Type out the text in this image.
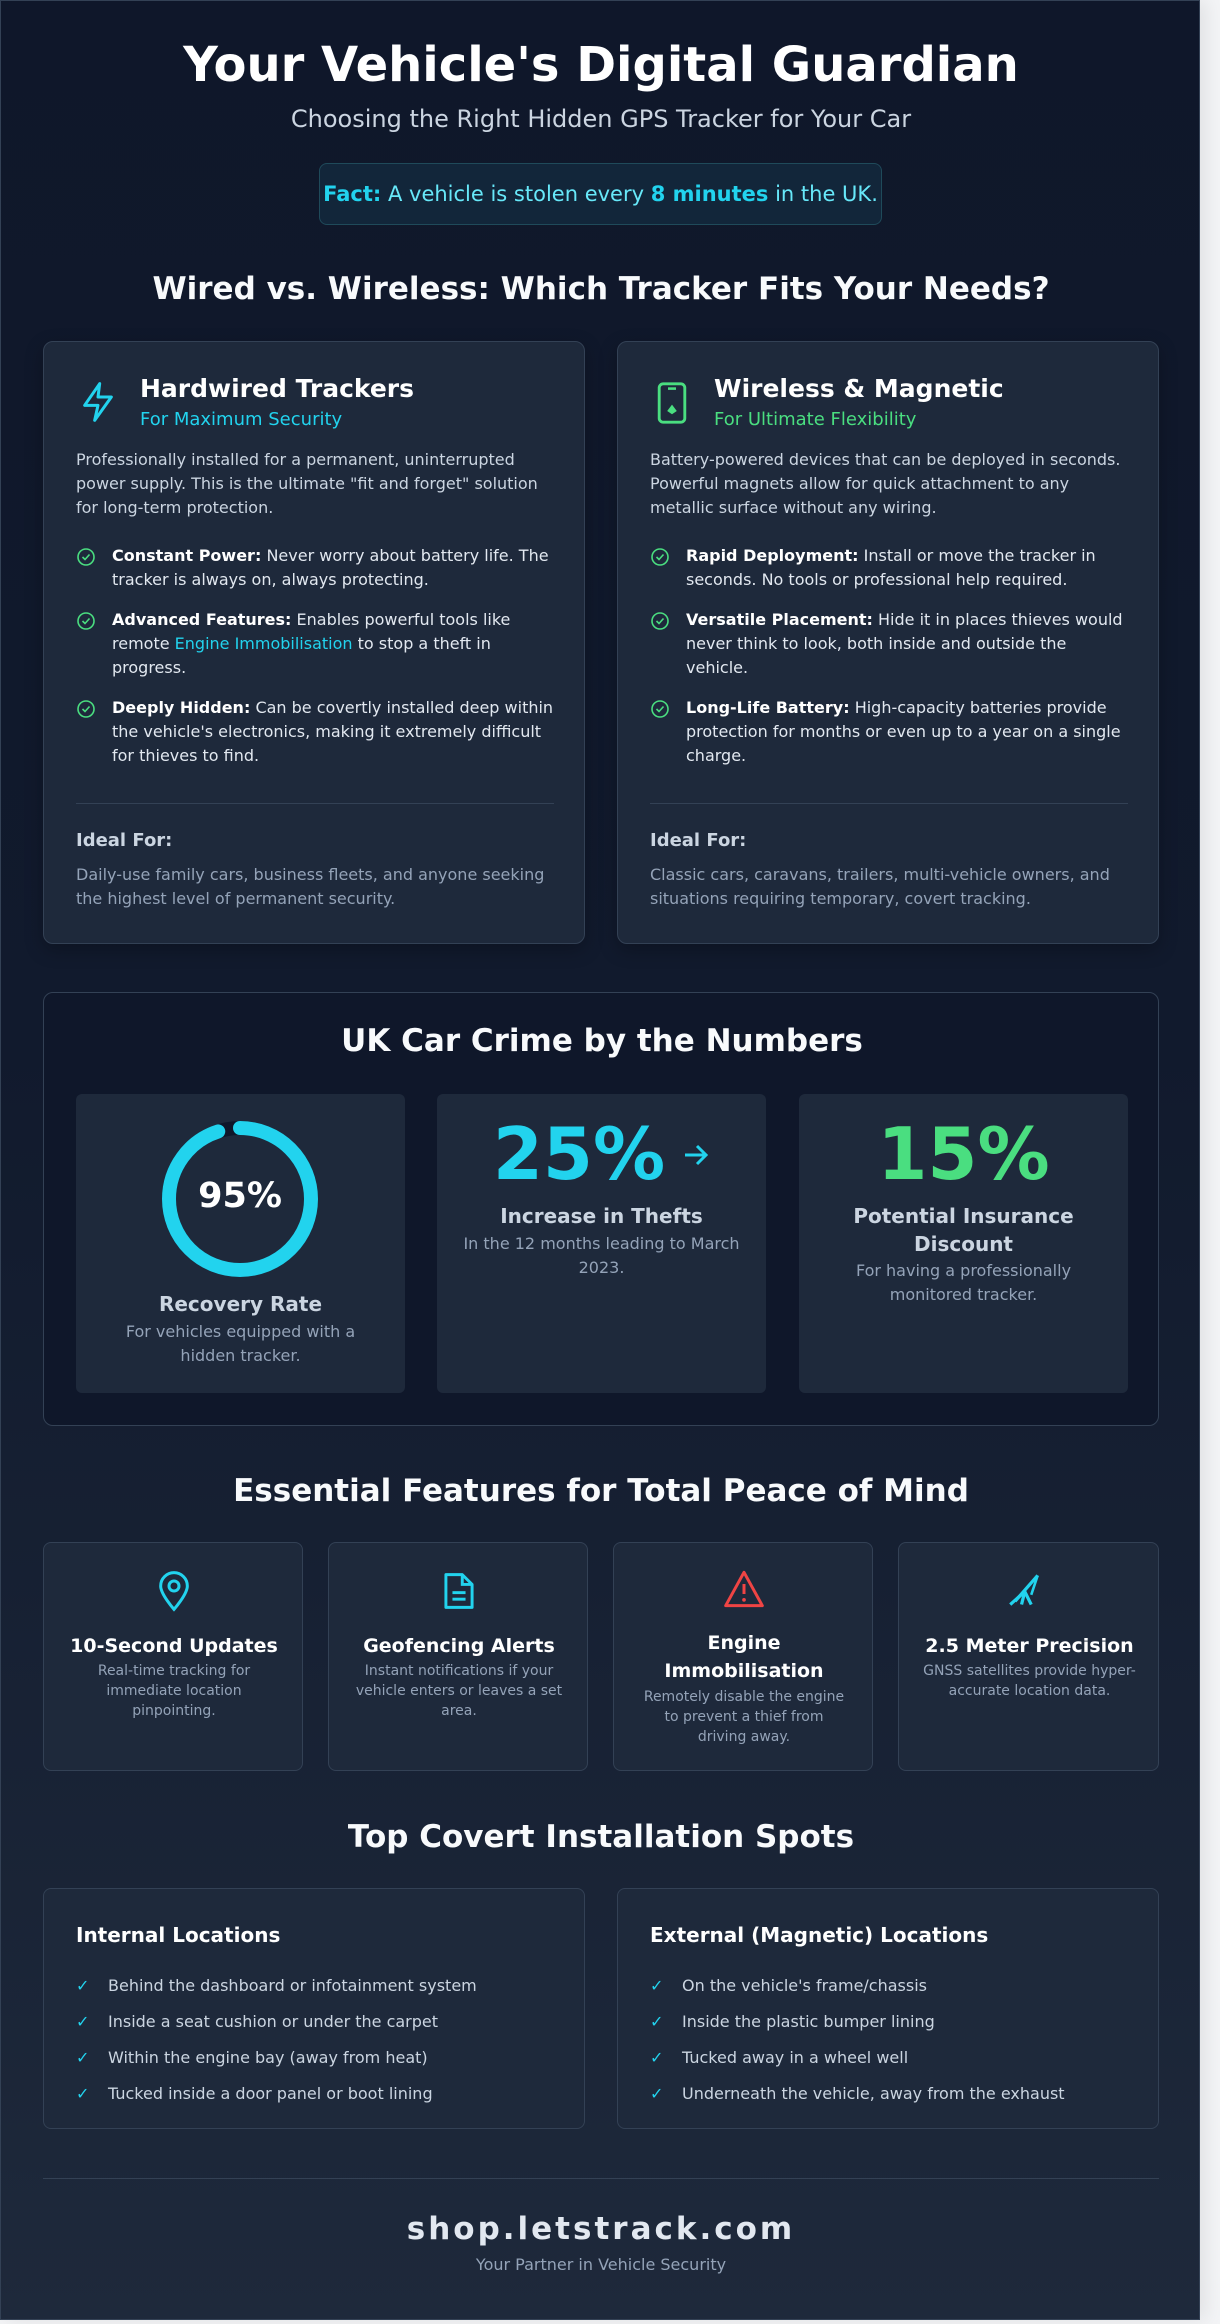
Your Vehicle's Digital Guardian
Choosing the Right Hidden GPS Tracker for Your Car
Fact: A vehicle is stolen every 8 minutes in the UK.
Wired vs. Wireless: Which Tracker Fits Your Needs?
Hardwired Trackers
For Maximum Security
Professionally installed for a permanent, uninterrupted power supply. This is the ultimate "fit and forget" solution for long-term protection.
Constant Power: Never worry about battery life. The tracker is always on, always protecting.
Advanced Features: Enables powerful tools like remote Engine Immobilisation to stop a theft in progress.
Deeply Hidden: Can be covertly installed deep within the vehicle's electronics, making it extremely difficult for thieves to find.
Ideal For:
Daily-use family cars, business fleets, and anyone seeking the highest level of permanent security.
Wireless & Magnetic
For Ultimate Flexibility
Battery-powered devices that can be deployed in seconds. Powerful magnets allow for quick attachment to any metallic surface without any wiring.
Rapid Deployment: Install or move the tracker in seconds. No tools or professional help required.
Versatile Placement: Hide it in places thieves would never think to look, both inside and outside the vehicle.
Long-Life Battery: High-capacity batteries provide protection for months or even up to a year on a single charge.
Ideal For:
Classic cars, caravans, trailers, multi-vehicle owners, and situations requiring temporary, covert tracking.
UK Car Crime by the Numbers
95%
Recovery Rate
For vehicles equipped with a hidden tracker.
25%
Increase in Thefts
In the 12 months leading to March 2023.
15%
Potential Insurance Discount
For having a professionally monitored tracker.
Essential Features for Total Peace of Mind
10-Second Updates
Real-time tracking for immediate location pinpointing.
Geofencing Alerts
Instant notifications if your vehicle enters or leaves a set area.
Engine Immobilisation
Remotely disable the engine to prevent a thief from driving away.
2.5 Meter Precision
GNSS satellites provide hyper-accurate location data.
Top Covert Installation Spots
Internal Locations
✓	Behind the dashboard or infotainment system
✓	Inside a seat cushion or under the carpet
✓	Within the engine bay (away from heat)
✓	Tucked inside a door panel or boot lining
External (Magnetic) Locations
✓	On the vehicle's frame/chassis
✓	Inside the plastic bumper lining
✓	Tucked away in a wheel well
✓	Underneath the vehicle, away from the exhaust
shop.letstrack.com
Your Partner in Vehicle Security
